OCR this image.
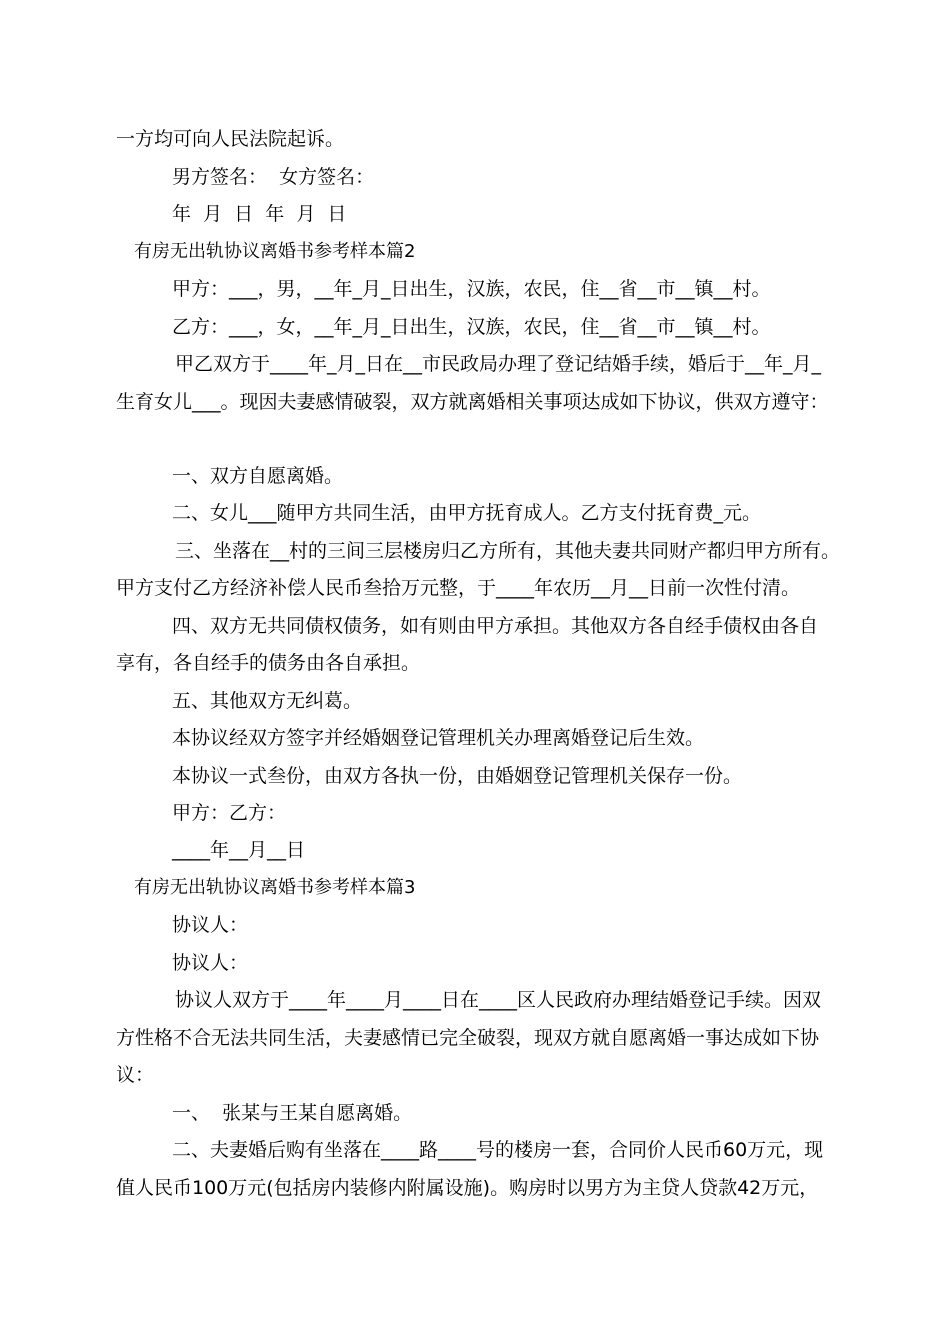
一方均可向人民法院起诉。
男方签名：  女方签名：
年  月  日  年  月  日
有房无出轨协议离婚书参考样本篇2
甲方：___，男，__年_月_日出生，汉族，农民，住__省__市__镇__村。
乙方：___，女，__年_月_日出生，汉族，农民，住__省__市__镇__村。
甲乙双方于____年_月_日在__市民政局办理了登记结婚手续，婚后于__年_月_
生育女儿___。现因夫妻感情破裂，双方就离婚相关事项达成如下协议，供双方遵守：
一、双方自愿离婚。
二、女儿___随甲方共同生活，由甲方抚育成人。乙方支付抚育费_元。
三、坐落在__村的三间三层楼房归乙方所有，其他夫妻共同财产都归甲方所有。
甲方支付乙方经济补偿人民币叁拾万元整，于____年农历__月__日前一次性付清。
四、双方无共同债权债务，如有则由甲方承担。其他双方各自经手债权由各自
享有，各自经手的债务由各自承担。
五、其他双方无纠葛。
本协议经双方签字并经婚姻登记管理机关办理离婚登记后生效。
本协议一式叁份，由双方各执一份，由婚姻登记管理机关保存一份。
甲方：乙方：
____年__月__日
有房无出轨协议离婚书参考样本篇3
协议人：
协议人：
协议人双方于____年____月____日在____区人民政府办理结婚登记手续。因双
方性格不合无法共同生活，夫妻感情已完全破裂，现双方就自愿离婚一事达成如下协
议：
一、  张某与王某自愿离婚。
二、夫妻婚后购有坐落在____路____号的楼房一套，合同价人民币60万元，现
值人民币100万元(包括房内装修内附属设施)。购房时以男方为主贷人贷款42万元，
